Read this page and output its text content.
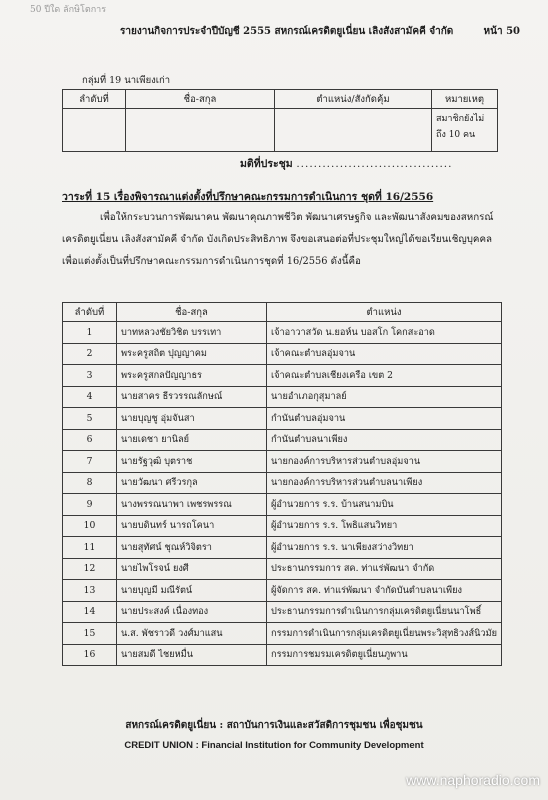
50 ปีใด ลักษิโตการ
รายงานกิจการประจำปีบัญชี 2555 สหกรณ์เครดิตยูเนี่ยน เลิงสังสามัคคี จำกัด	หน้า 50
กลุ่มที่ 19 นาเพียงเก่า
ลำดับที่	ชื่อ-สกุล	ตำแหน่ง/สังกัดคุ้ม	หมายเหตุ
			สมาชิกยังไม่ถึง 10 คน
มติที่ประชุม ....................................
วาระที่ 15 เรื่องพิจารณาแต่งตั้งที่ปรึกษาคณะกรรมการดำเนินการ ชุดที่ 16/2556
เพื่อให้กระบวนการพัฒนาคน พัฒนาคุณภาพชีวิต พัฒนาเศรษฐกิจ และพัฒนาสังคมของสหกรณ์เครดิตยูเนี่ยน เลิงสังสามัคคี จำกัด บังเกิดประสิทธิภาพ จึงขอเสนอต่อที่ประชุมใหญ่ได้ขอเรียนเชิญบุคคลเพื่อแต่งตั้งเป็นที่ปรึกษาคณะกรรมการดำเนินการชุดที่ 16/2556 ดังนี้คือ
ลำดับที่	ชื่อ-สกุล	ตำแหน่ง
1	บาทหลวงชัยวิชิต บรรเทา	เจ้าอาวาสวัด น.ยอห์น บอสโก โคกสะอาด
2	พระครูสถิต ปุญญาคม	เจ้าคณะตำบลอุ่มจาน
3	พระครูสกลปัญญาธร	เจ้าคณะตำบลเชียงเครือ เขต 2
4	นายสาคร ธีรวรรณลักษณ์	นายอำเภอกุสุมาลย์
5	นายบุญชู อุ่มจันสา	กำนันตำบลอุ่มจาน
6	นายเดชา ยานิลย์	กำนันตำบลนาเพียง
7	นายรัฐวุฒิ บุตราช	นายกองค์การบริหารส่วนตำบลอุ่มจาน
8	นายวัฒนา ศรีวรกุล	นายกองค์การบริหารส่วนตำบลนาเพียง
9	นางพรรณนาพา เพชรพรรณ	ผู้อำนวยการ ร.ร. บ้านสนามบิน
10	นายบดินทร์ นารถโคนา	ผู้อำนวยการ ร.ร. โพธิแสนวิทยา
11	นายสุทัศน์ ชุณห์วิจิตรา	ผู้อำนวยการ ร.ร. นาเพียงสว่างวิทยา
12	นายไพโรจน์ ยงศี	ประธานกรรมการ สค. ท่าแร่พัฒนา จำกัด
13	นายบุญมี มณีรัตน์	ผู้จัดการ สค. ท่าแร่พัฒนา จำกัดบันตำบลนาเพียง
14	นายประสงค์ เนื่องทอง	ประธานกรรมการดำเนินการกลุ่มเครดิตยูเนี่ยนนาโพธิ์
15	น.ส. พัชราวดี วงศ์มาแสน	กรรมการดำเนินการกลุ่มเครดิตยูเนี่ยนพระวิสุทธิวงส์นิวมัย
16	นายสมดี ไชยหมื่น	กรรมการชมรมเครดิตยูเนี่ยนภูพาน
สหกรณ์เครดิตยูเนี่ยน : สถาบันการเงินและสวัสดิการชุมชน เพื่อชุมชน
CREDIT UNION : Financial Institution for Community Development
www.naphoradio.com
